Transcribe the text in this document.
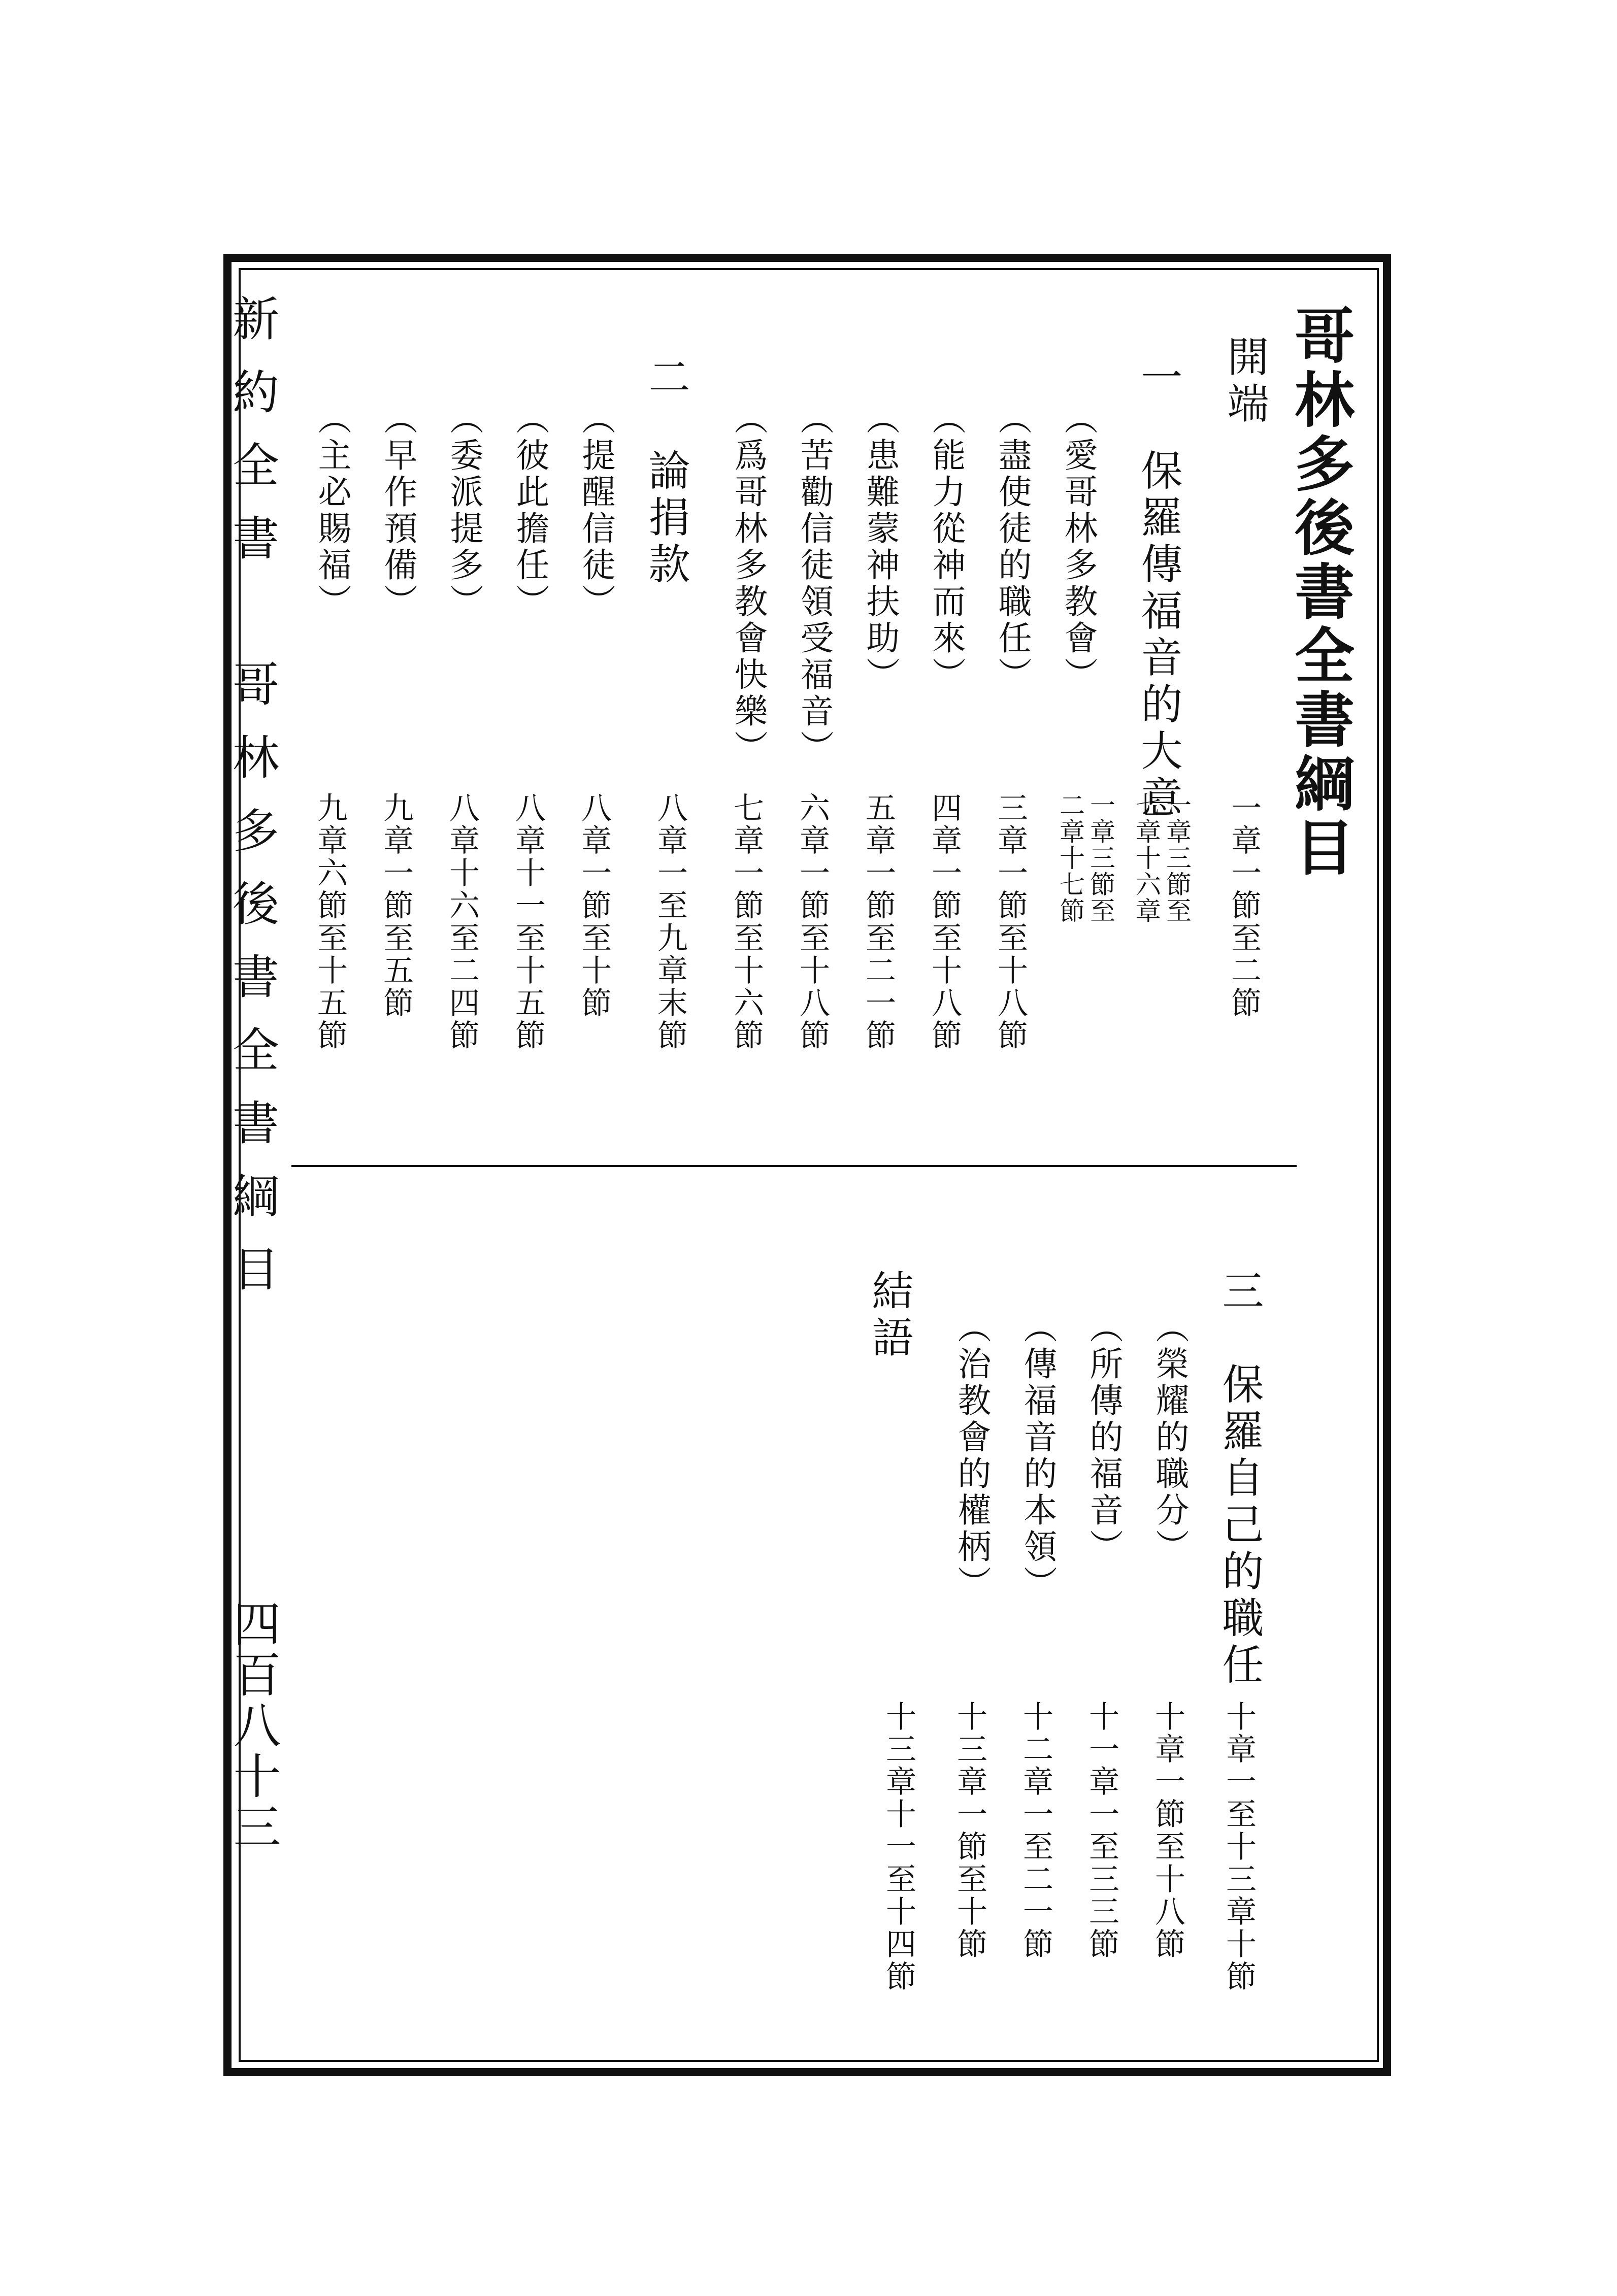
哥林多後書全書綱目
開端
一章一節至二節
一　保羅傳福音的大意
一章三節至
七章十六章
（愛哥林多教會）
一章三節至
二章十七節
（盡使徒的職任）
三章一節至十八節
（能力從神而來）
四章一節至十八節
（患難蒙神扶助）
五章一節至二一節
（苦勸信徒領受福音）
六章一節至十八節
（爲哥林多教會快樂）
七章一節至十六節
二　論捐款
八章一至九章末節
（提醒信徒）
八章一節至十節
（彼此擔任）
八章十一至十五節
（委派提多）
八章十六至二四節
（早作預備）
九章一節至五節
（主必賜福）
九章六節至十五節
三　保羅自己的職任
十章一至十三章十節
（榮耀的職分）
十章一節至十八節
（所傳的福音）
十一章一至三三節
（傳福音的本領）
十二章一至二一節
（治教會的權柄）
十三章一節至十節
結語
十三章十一至十四節
新約全書　哥林多後書全書綱目
四百八十三
